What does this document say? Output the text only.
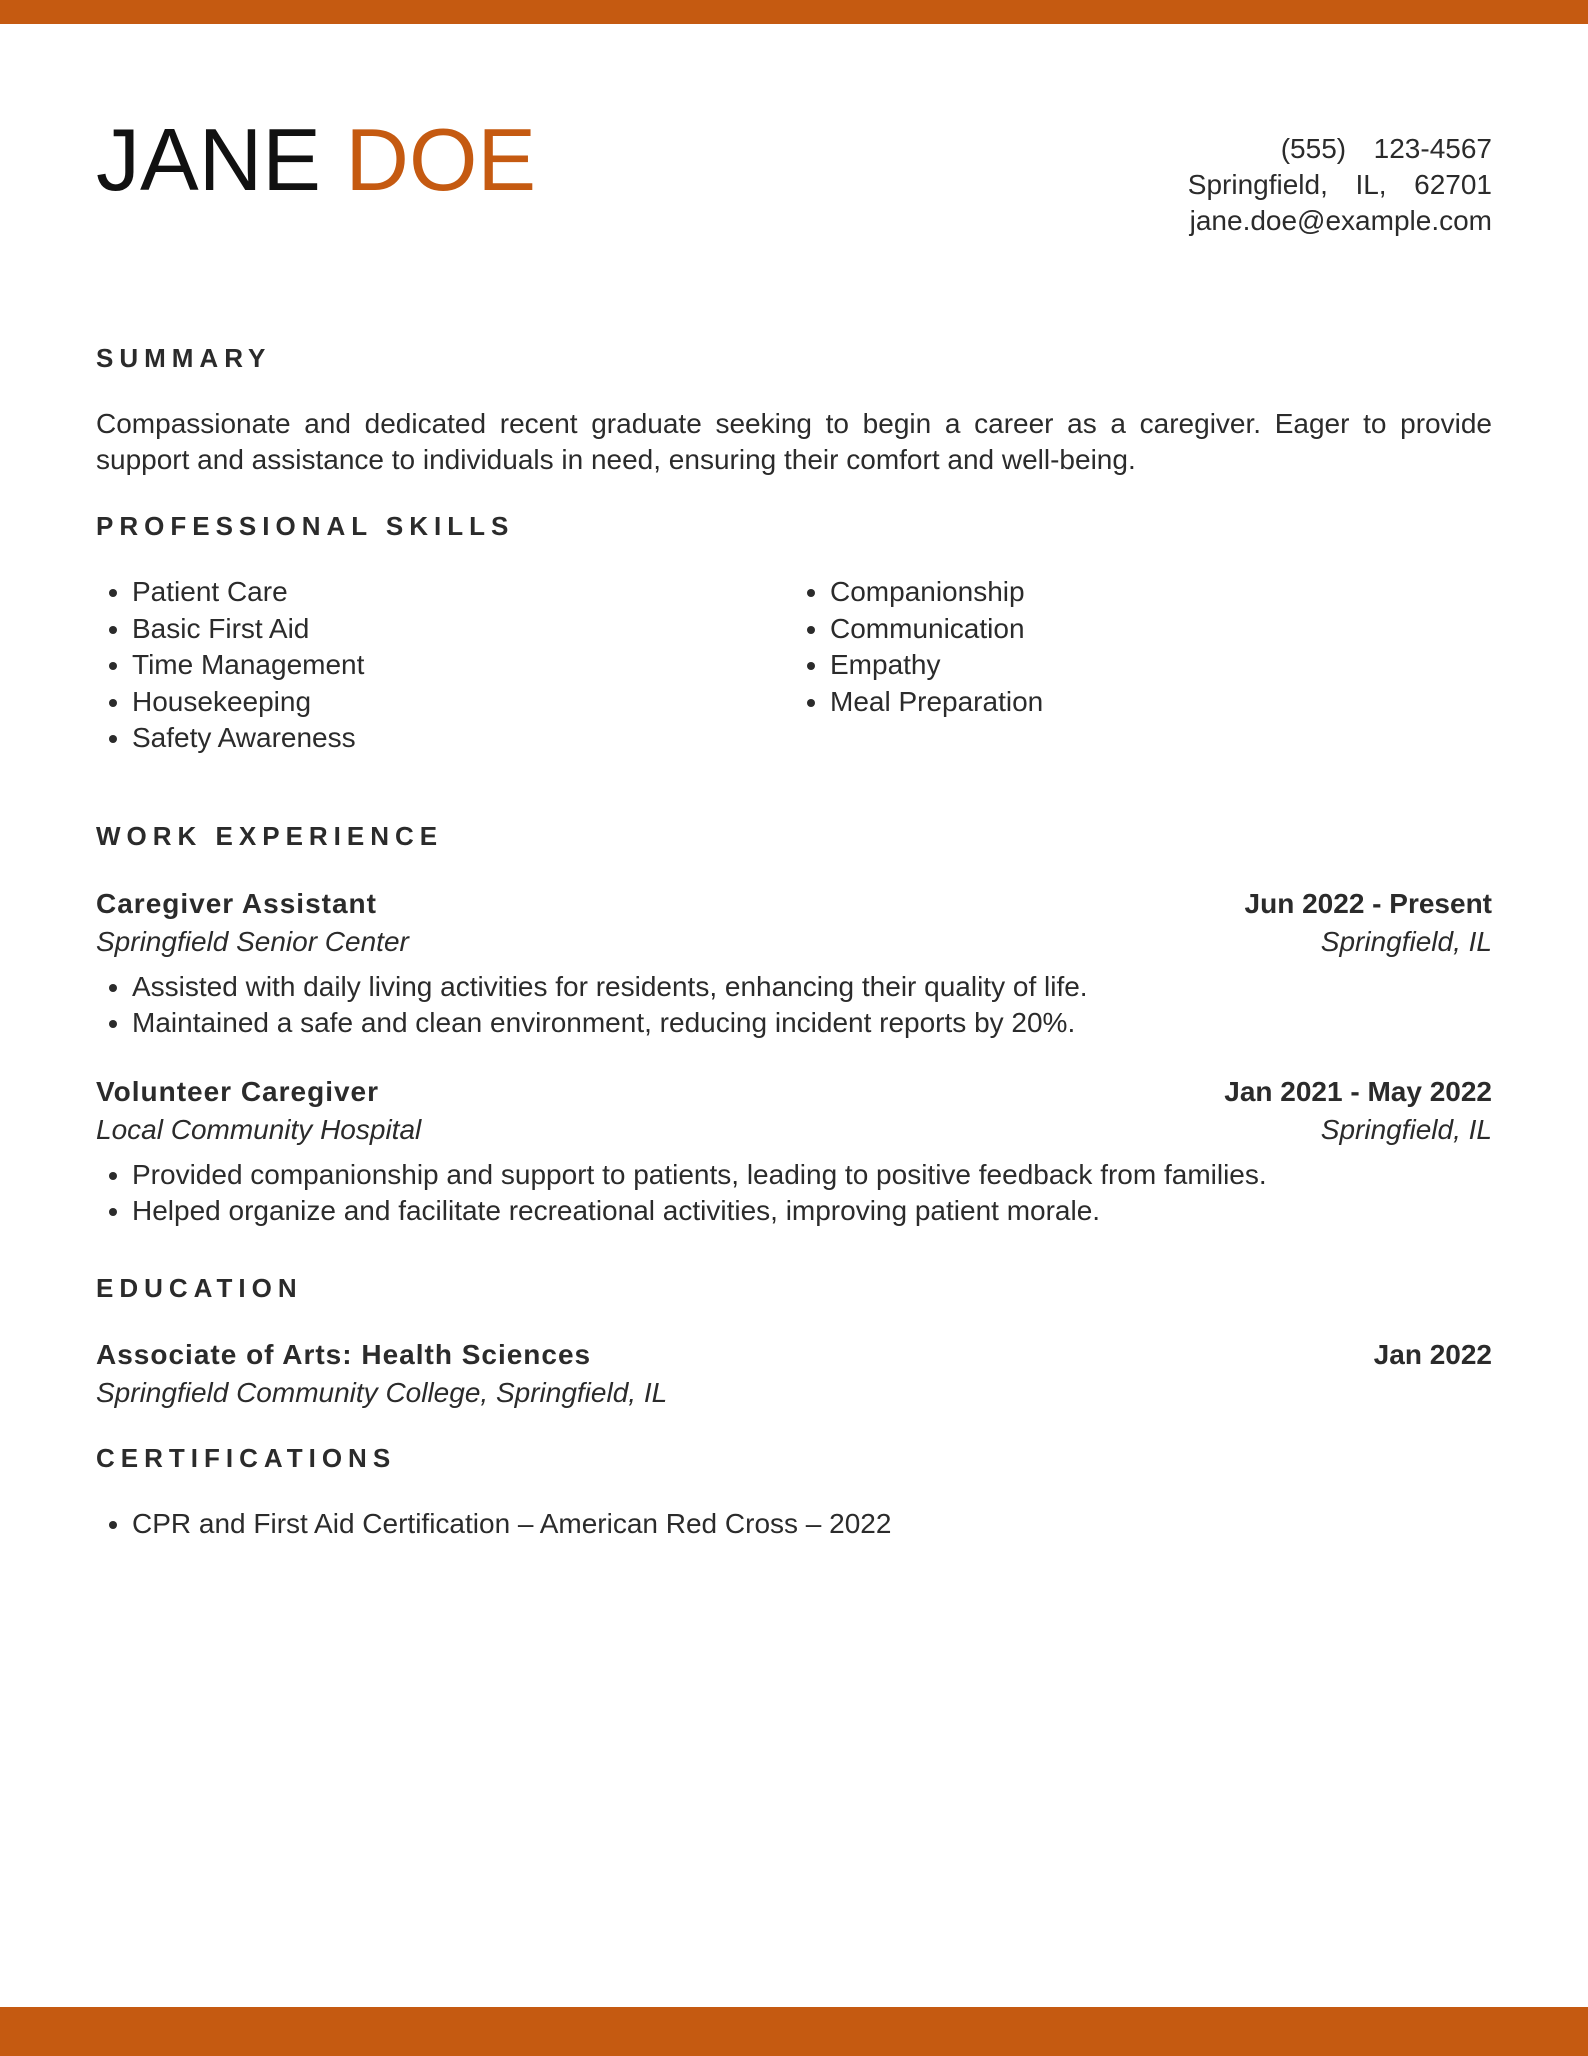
JANE DOE	(555)  123-4567
Springfield,  IL,  62701
jane.doe@example.com
SUMMARY

Compassionate and dedicated recent graduate seeking to begin a career as a caregiver. Eager to provide support and assistance to individuals in need, ensuring their comfort and well-being.

PROFESSIONAL SKILLS
• Patient Care
• Basic First Aid
• Time Management
• Housekeeping
• Safety Awareness
• Companionship
• Communication
• Empathy
• Meal Preparation
WORK EXPERIENCE
Caregiver Assistant	Jun 2022 - Present
Springfield Senior Center	Springfield, IL
• Assisted with daily living activities for residents, enhancing their quality of life.
• Maintained a safe and clean environment, reducing incident reports by 20%.
Volunteer Caregiver	Jan 2021 - May 2022
Local Community Hospital	Springfield, IL
• Provided companionship and support to patients, leading to positive feedback from families.
• Helped organize and facilitate recreational activities, improving patient morale.
EDUCATION
Associate of Arts: Health Sciences	Jan 2022
Springfield Community College, Springfield, IL
CERTIFICATIONS
• CPR and First Aid Certification – American Red Cross – 2022
